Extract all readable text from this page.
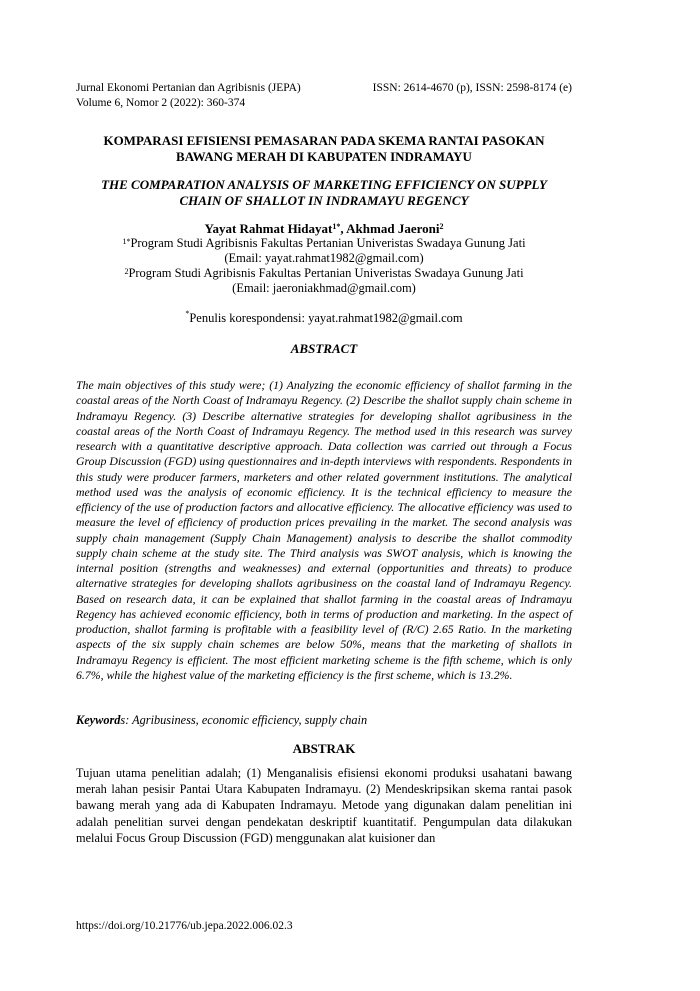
Jurnal Ekonomi Pertanian dan Agribisnis (JEPA)	ISSN: 2614-4670 (p), ISSN: 2598-8174 (e)
Volume 6, Nomor 2 (2022): 360-374
KOMPARASI EFISIENSI PEMASARAN PADA SKEMA RANTAI PASOKAN
BAWANG MERAH DI KABUPATEN INDRAMAYU
THE COMPARATION ANALYSIS OF MARKETING EFFICIENCY ON SUPPLY
CHAIN OF SHALLOT IN INDRAMAYU REGENCY
Yayat Rahmat Hidayat$^{1*}$, Akhmad Jaeroni$^2$
$^{1*}$Program Studi Agribisnis Fakultas Pertanian Univeristas Swadaya Gunung Jati
(Email: yayat.rahmat1982@gmail.com)
$^2$Program Studi Agribisnis Fakultas Pertanian Univeristas Swadaya Gunung Jati
(Email: jaeroniakhmad@gmail.com)
*Penulis korespondensi: yayat.rahmat1982@gmail.com
ABSTRACT
The main objectives of this study were; (1) Analyzing the economic efficiency of shallot farming in the coastal areas of the North Coast of Indramayu Regency. (2) Describe the shallot supply chain scheme in Indramayu Regency. (3) Describe alternative strategies for developing shallot agribusiness in the coastal areas of the North Coast of Indramayu Regency. The method used in this research was survey research with a quantitative descriptive approach. Data collection was carried out through a Focus Group Discussion (FGD) using questionnaires and in-depth interviews with respondents. Respondents in this study were producer farmers, marketers and other related government institutions. The analytical method used was the analysis of economic efficiency. It is the technical efficiency to measure the efficiency of the use of production factors and allocative efficiency. The allocative efficiency was used to measure the level of efficiency of production prices prevailing in the market. The second analysis was supply chain management (Supply Chain Management) analysis to describe the shallot commodity supply chain scheme at the study site. The Third analysis was SWOT analysis, which is knowing the internal position (strengths and weaknesses) and external (opportunities and threats) to produce alternative strategies for developing shallots agribusiness on the coastal land of Indramayu Regency. Based on research data, it can be explained that shallot farming in the coastal areas of Indramayu Regency has achieved economic efficiency, both in terms of production and marketing. In the aspect of production, shallot farming is profitable with a feasibility level of (R/C) 2.65 Ratio. In the marketing aspects of the six supply chain schemes are below 50%, means that the marketing of shallots in Indramayu Regency is efficient. The most efficient marketing scheme is the fifth scheme, which is only 6.7%, while the highest value of the marketing efficiency is the first scheme, which is 13.2%.
Keywords: Agribusiness, economic efficiency, supply chain
ABSTRAK
Tujuan utama penelitian adalah; (1) Menganalisis efisiensi ekonomi produksi usahatani bawang merah lahan pesisir Pantai Utara Kabupaten Indramayu. (2) Mendeskripsikan skema rantai pasok bawang merah yang ada di Kabupaten Indramayu. Metode yang digunakan dalam penelitian ini adalah penelitian survei dengan pendekatan deskriptif kuantitatif. Pengumpulan data dilakukan melalui Focus Group Discussion (FGD) menggunakan alat kuisioner dan
https://doi.org/10.21776/ub.jepa.2022.006.02.3
